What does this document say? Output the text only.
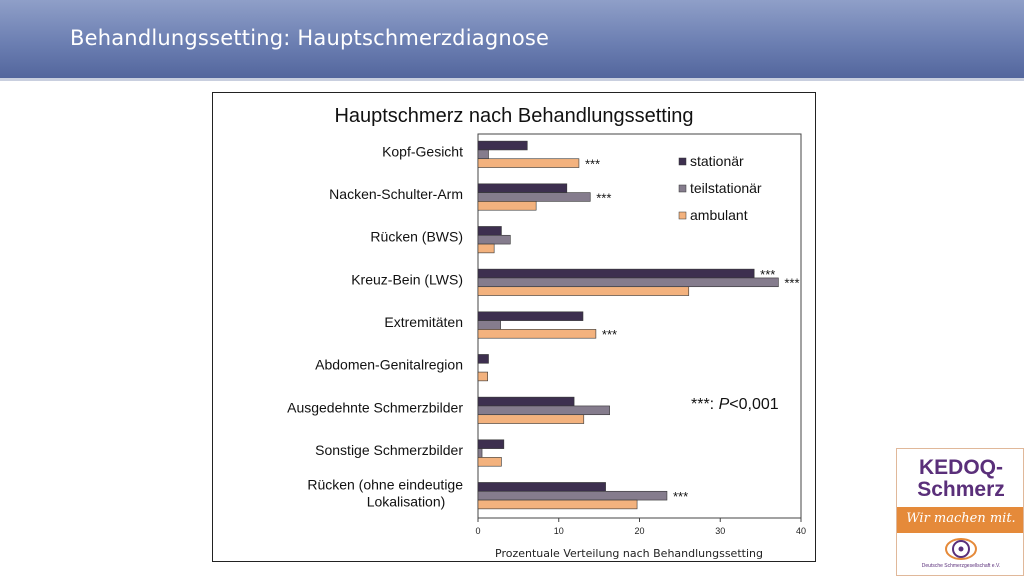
Behandlungssetting: Hauptschmerzdiagnose
Hauptschmerz nach Behandlungssetting
Kopf-Gesicht
Nacken-Schulter-Arm
Rücken (BWS)
Kreuz-Bein (LWS)
Extremitäten
Abdomen-Genitalregion
Ausgedehnte Schmerzbilder
Sonstige Schmerzbilder
Rücken (ohne eindeutige Lokalisation)
0	10	20	30	40
***
***
***
***
***
***
stationär
teilstationär
ambulant
***: P<0,001
Prozentuale Verteilung nach Behandlungssetting
KEDOQ-
Schmerz
Wir machen mit.
Deutsche Schmerzgesellschaft e.V.
